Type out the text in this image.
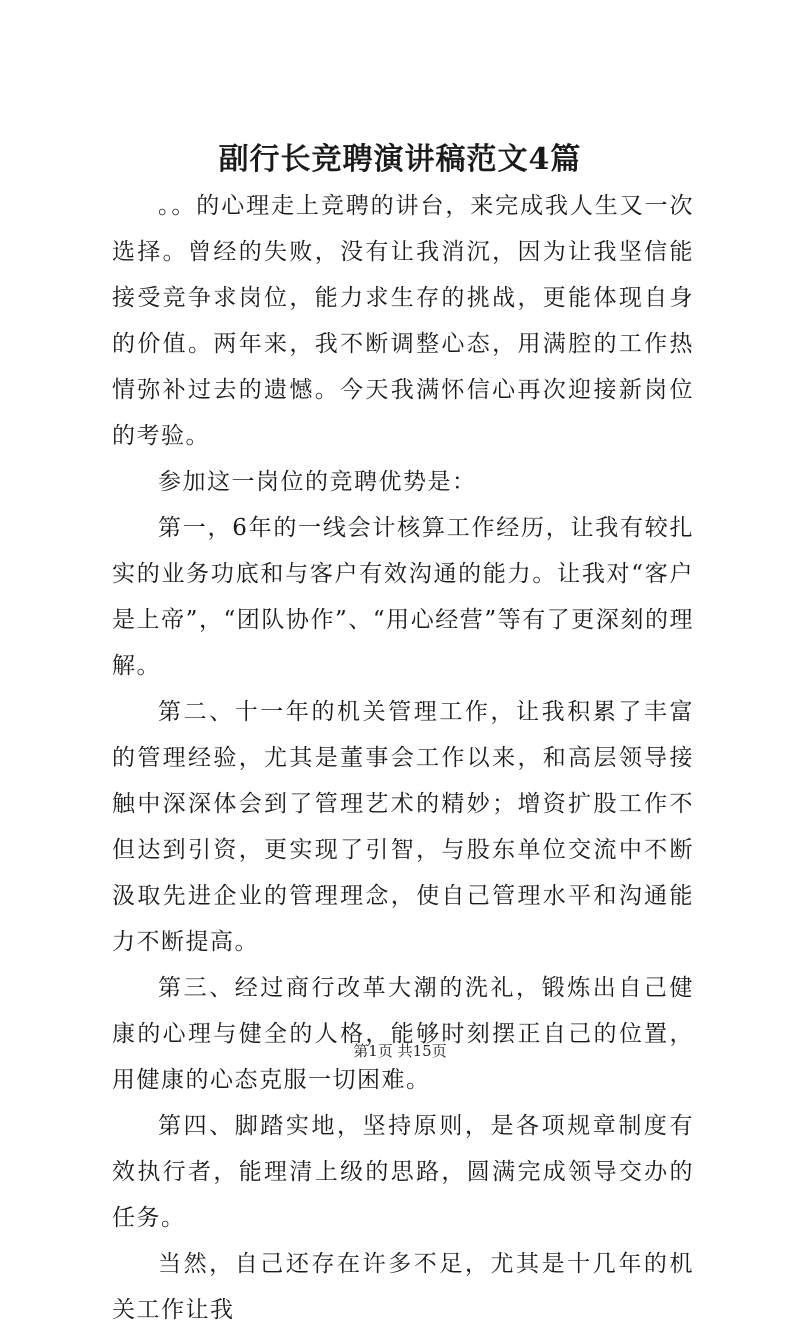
副行长竞聘演讲稿范文4篇

。。的心理走上竞聘的讲台，来完成我人生又一次选择。曾经的失败，没有让我消沉，因为让我坚信能接受竞争求岗位，能力求生存的挑战，更能体现自身的价值。两年来，我不断调整心态，用满腔的工作热情弥补过去的遗憾。今天我满怀信心再次迎接新岗位的考验。

参加这一岗位的竞聘优势是：

第一，6年的一线会计核算工作经历，让我有较扎实的业务功底和与客户有效沟通的能力。让我对“客户是上帝”，“团队协作”、“用心经营”等有了更深刻的理解。

第二、十一年的机关管理工作，让我积累了丰富的管理经验，尤其是董事会工作以来，和高层领导接触中深深体会到了管理艺术的精妙；增资扩股工作不但达到引资，更实现了引智，与股东单位交流中不断汲取先进企业的管理理念，使自己管理水平和沟通能力不断提高。

第三、经过商行改革大潮的洗礼，锻炼出自己健康的心理与健全的人格，能够时刻摆正自己的位置，用健康的心态克服一切困难。

第四、脚踏实地，坚持原则，是各项规章制度有效执行者，能理清上级的思路，圆满完成领导交办的任务。

当然，自己还存在许多不足，尤其是十几年的机关工作让我

第1页 共15页
